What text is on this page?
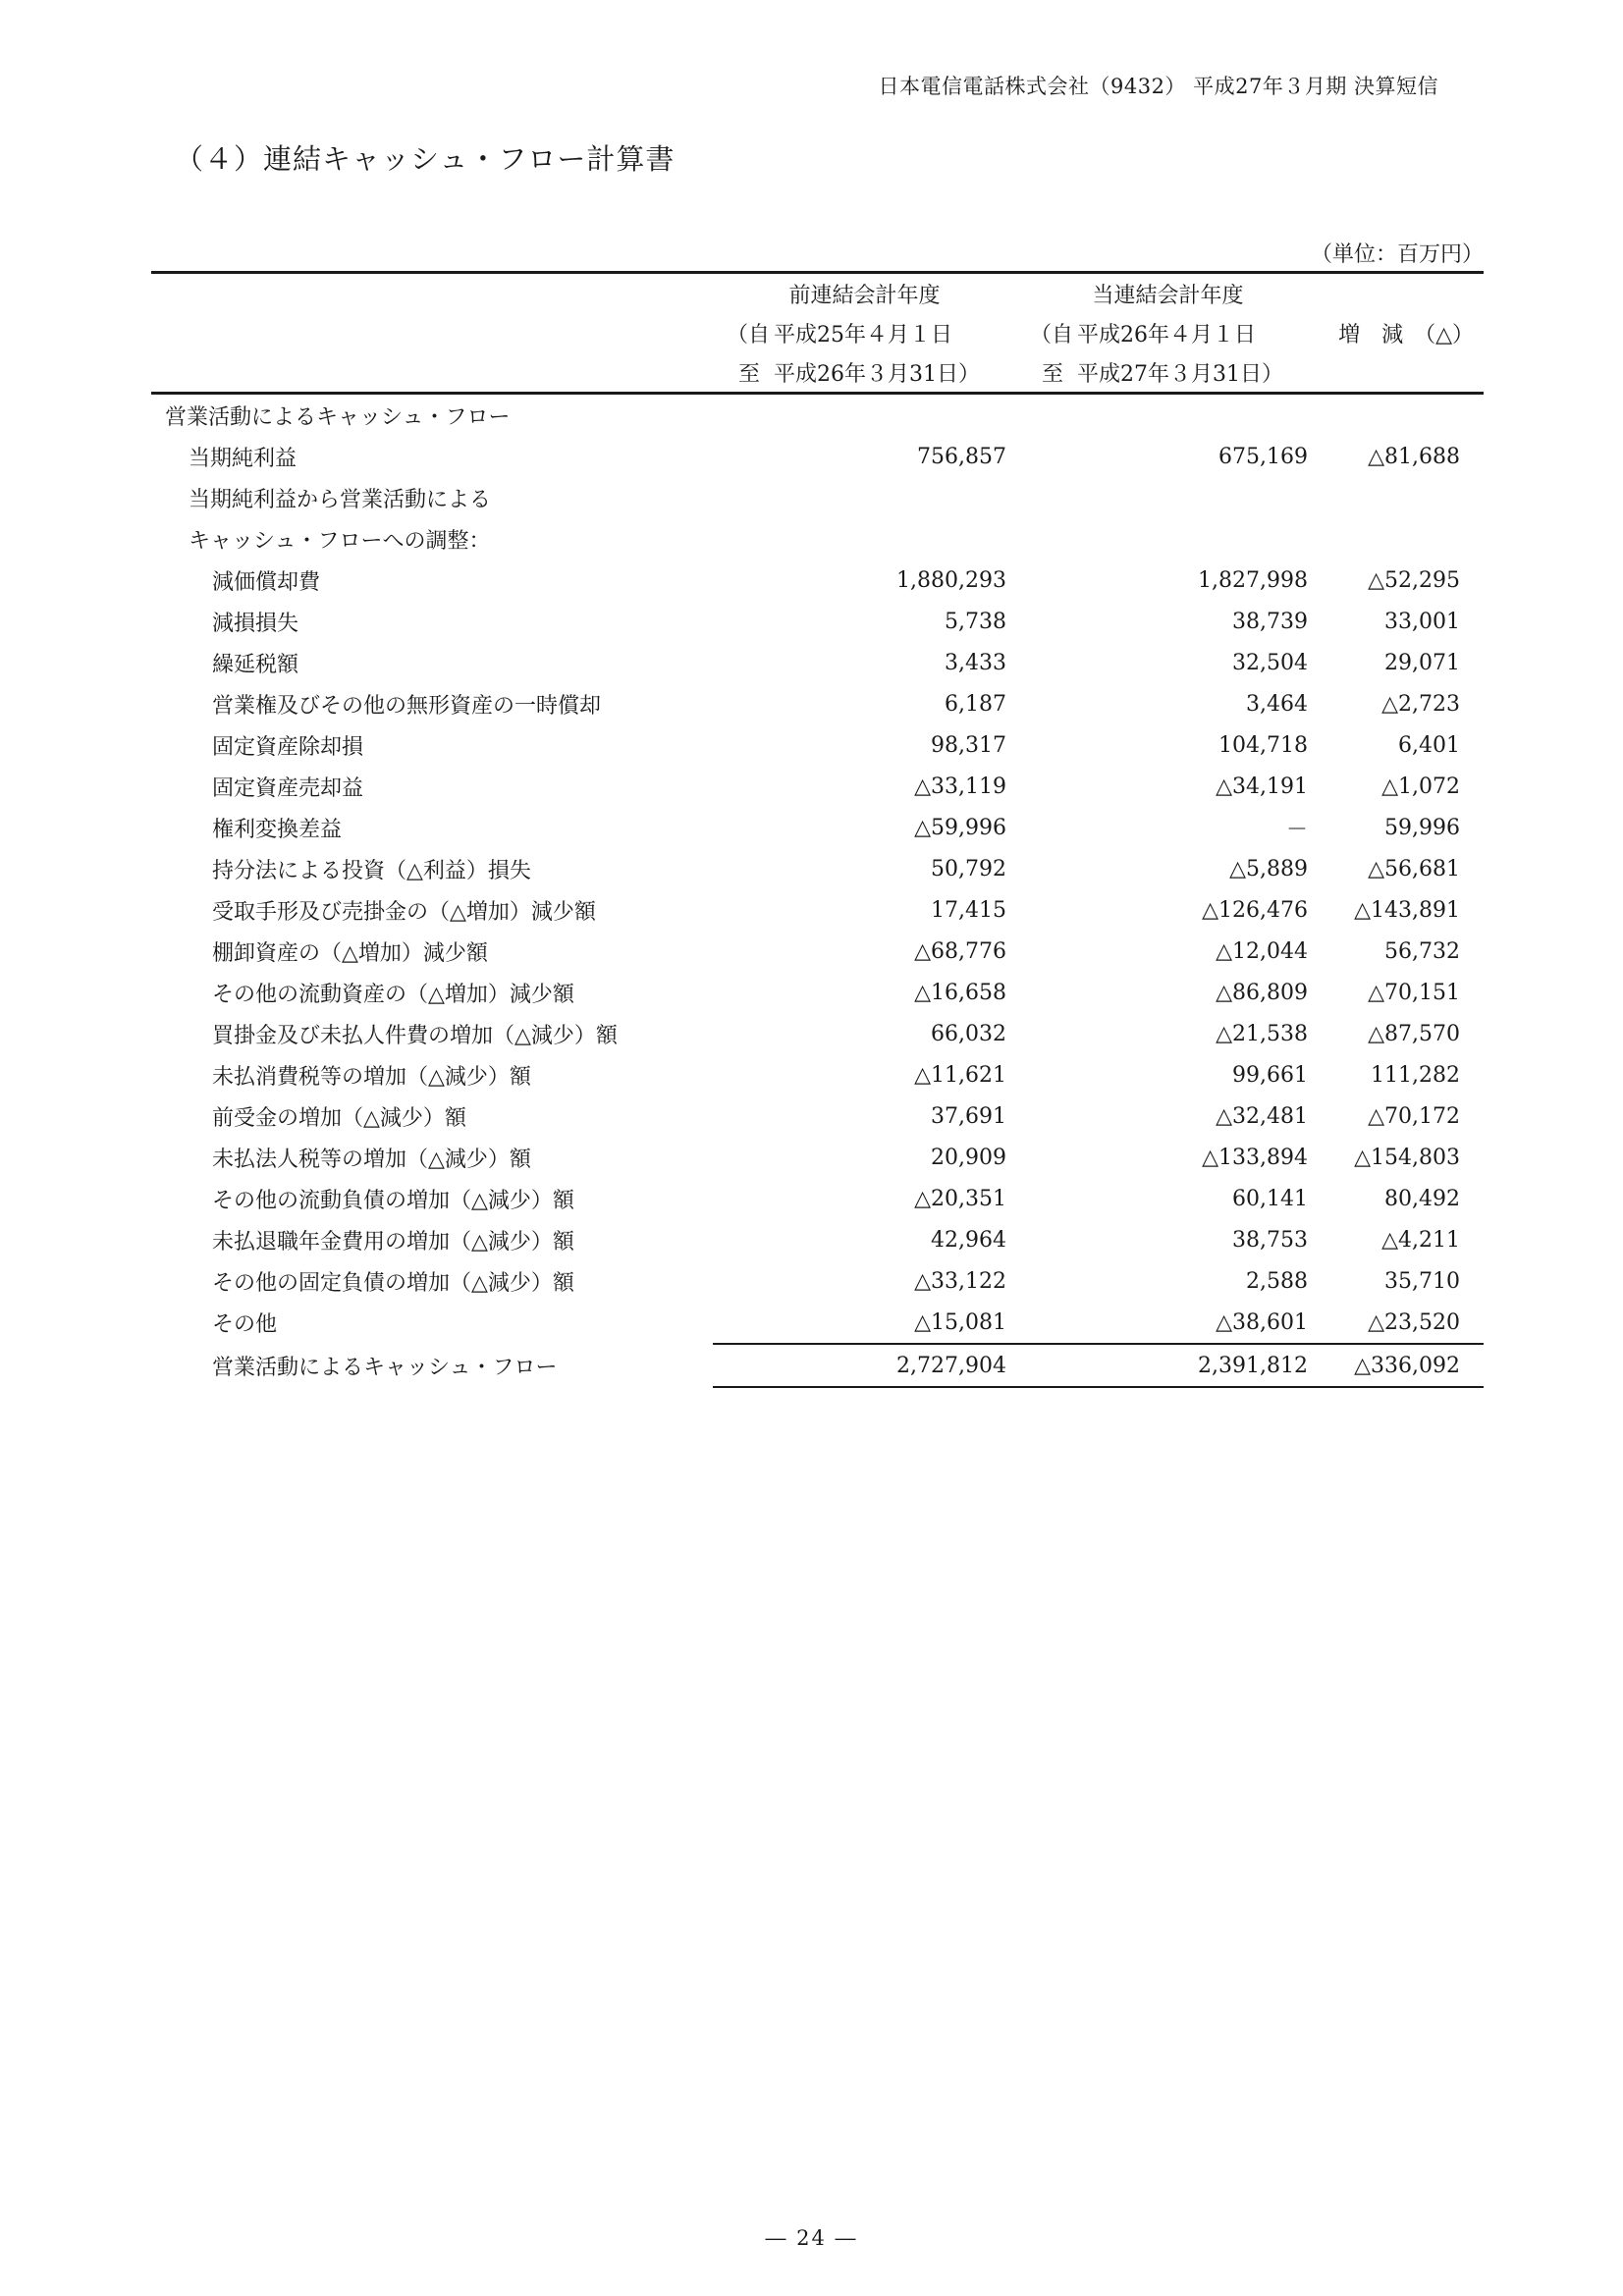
日本電信電話株式会社（9432） 平成27年３月期 決算短信
（４）連結キャッシュ・フロー計算書
（単位：百万円）
	前連結会計年度	当連結会計年度	

	（自 平成25年４月１日	（自 平成26年４月１日	増　減　（△）

	至 平成26年３月31日）	至 平成27年３月31日）	

営業活動によるキャッシュ・フロー			
当期純利益	756,857	675,169	△81,688
当期純利益から営業活動による			
キャッシュ・フローへの調整：			
減価償却費	1,880,293	1,827,998	△52,295
減損損失	5,738	38,739	33,001
繰延税額	3,433	32,504	29,071
営業権及びその他の無形資産の一時償却	6,187	3,464	△2,723
固定資産除却損	98,317	104,718	6,401
固定資産売却益	△33,119	△34,191	△1,072
権利変換差益	△59,996	－	59,996
持分法による投資（△利益）損失	50,792	△5,889	△56,681
受取手形及び売掛金の（△増加）減少額	17,415	△126,476	△143,891
棚卸資産の（△増加）減少額	△68,776	△12,044	56,732
その他の流動資産の（△増加）減少額	△16,658	△86,809	△70,151
買掛金及び未払人件費の増加（△減少）額	66,032	△21,538	△87,570
未払消費税等の増加（△減少）額	△11,621	99,661	111,282
前受金の増加（△減少）額	37,691	△32,481	△70,172
未払法人税等の増加（△減少）額	20,909	△133,894	△154,803
その他の流動負債の増加（△減少）額	△20,351	60,141	80,492
未払退職年金費用の増加（△減少）額	42,964	38,753	△4,211
その他の固定負債の増加（△減少）額	△33,122	2,588	35,710
その他	△15,081	△38,601	△23,520
営業活動によるキャッシュ・フロー	2,727,904	2,391,812	△336,092
― 24 ―
